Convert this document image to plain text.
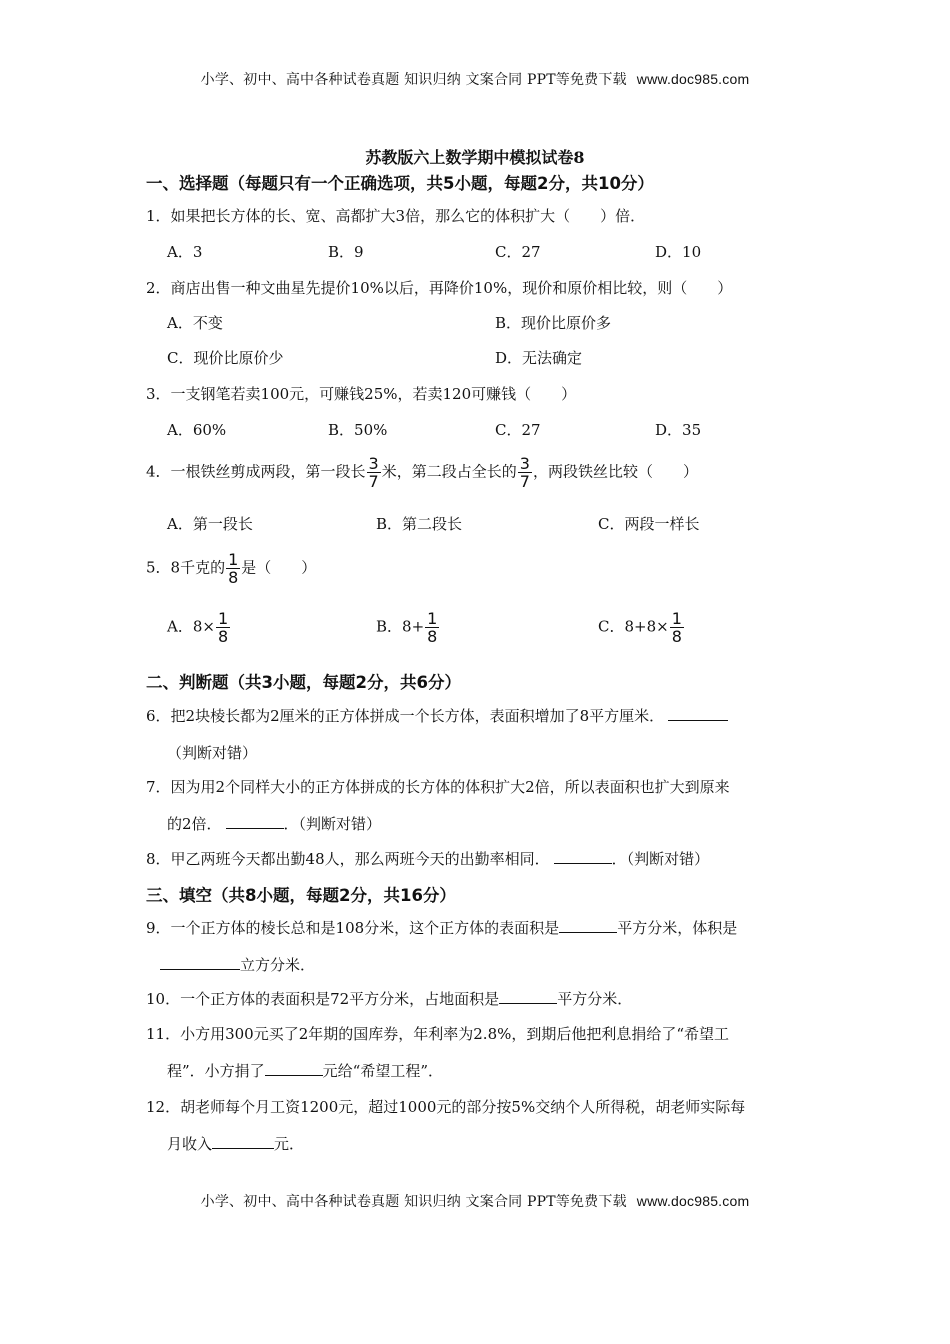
小学、初中、高中各种试卷真题 知识归纳 文案合同 PPT等免费下载 www.doc985.com
苏教版六上数学期中模拟试卷8
一、选择题（每题只有一个正确选项，共5小题，每题2分，共10分）
1．如果把长方体的长、宽、高都扩大3倍，那么它的体积扩大（　　）倍．
A．3	B．9	C．27	D．10
2．商店出售一种文曲星先提价10%以后，再降价10%，现价和原价相比较，则（　　）
A．不变	B．现价比原价多
C．现价比原价少	D．无法确定
3．一支钢笔若卖100元，可赚钱25%，若卖120可赚钱（　　）
A．60%	B．50%	C．27	D．35
4．一根铁丝剪成两段，第一段长 $\frac{3}{7}$ 米，第二段占全长的 $\frac{3}{7}$ ，两段铁丝比较（　　）
A．第一段长	B．第二段长	C．两段一样长
5．8千克的 $\frac{1}{8}$ 是（　　）
A．$8\times \frac{1}{8}$	B．$8+ \frac{1}{8}$	C．$8+8\times \frac{1}{8}$
二、判断题（共3小题，每题2分，共6分）
6．把2块棱长都为2厘米的正方体拼成一个长方体，表面积增加了8平方厘米．
（判断对错）
7．因为用2个同样大小的正方体拼成的长方体的体积扩大2倍，所以表面积也扩大到原来
的2倍．	．（判断对错）
8．甲乙两班今天都出勤48人，那么两班今天的出勤率相同．	．（判断对错）
三、填空（共8小题，每题2分，共16分）
9．一个正方体的棱长总和是108分米，这个正方体的表面积是	平方分米，体积是
立方分米．
10．一个正方体的表面积是72平方分米，占地面积是	平方分米．
11．小方用300元买了2年期的国库券，年利率为2.8%，到期后他把利息捐给了“希望工
程”．小方捐了	元给“希望工程”．
12．胡老师每个月工资1200元，超过1000元的部分按5%交纳个人所得税，胡老师实际每
月收入	元．
小学、初中、高中各种试卷真题 知识归纳 文案合同 PPT等免费下载 www.doc985.com
